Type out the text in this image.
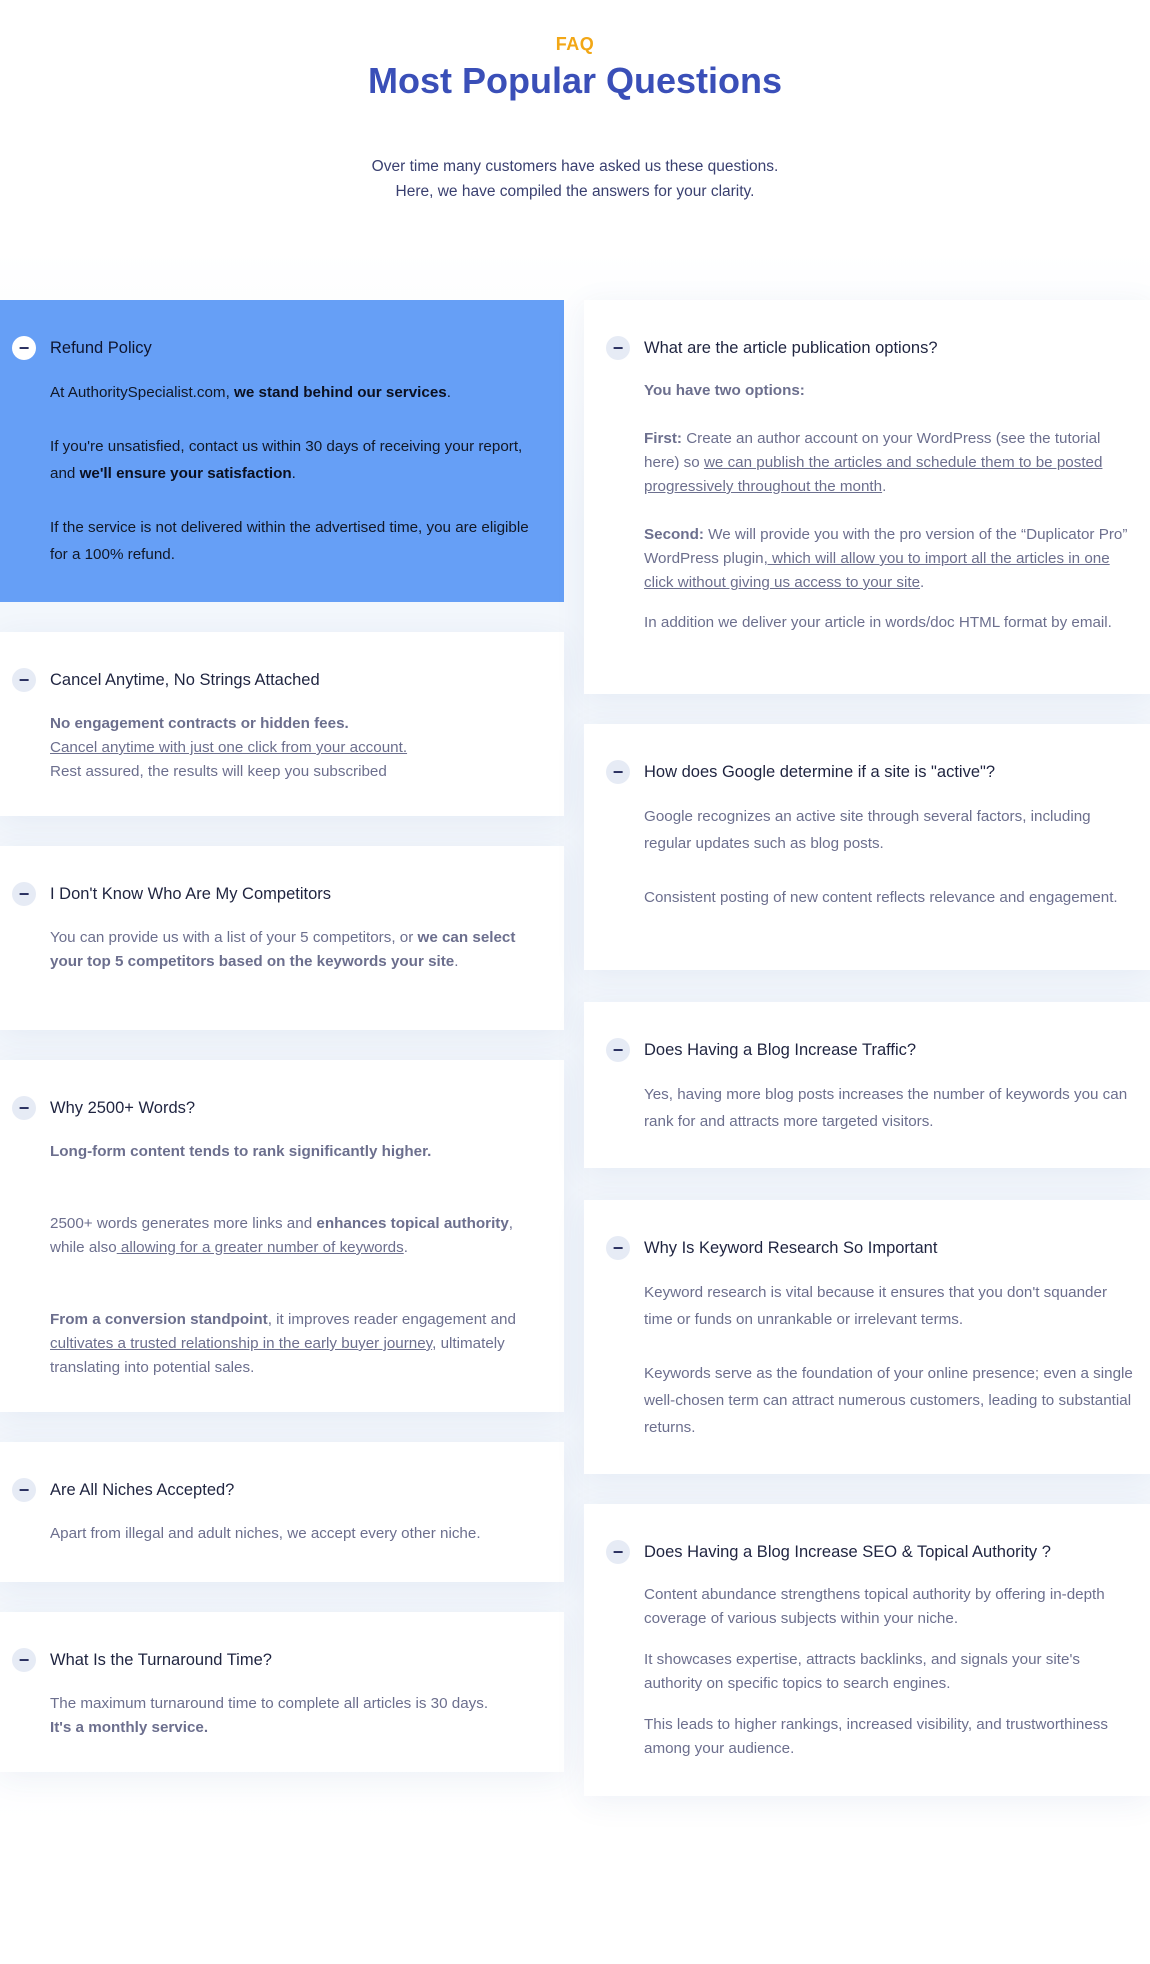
FAQ
Most Popular Questions
Over time many customers have asked us these questions.
Here, we have compiled the answers for your clarity.
−	Refund Policy

At AuthoritySpecialist.com, we stand behind our services.

If you're unsatisfied, contact us within 30 days of receiving your report, and we'll ensure your satisfaction.

If the service is not delivered within the advertised time, you are eligible for a 100% refund.

−	Cancel Anytime, No Strings Attached

No engagement contracts or hidden fees.

Cancel anytime with just one click from your account.

Rest assured, the results will keep you subscribed

−	I Don't Know Who Are My Competitors

You can provide us with a list of your 5 competitors, or we can select your top 5 competitors based on the keywords your site.

−	Why 2500+ Words?

Long-form content tends to rank significantly higher.

2500+ words generates more links and enhances topical authority, while also allowing for a greater number of keywords.

From a conversion standpoint, it improves reader engagement and cultivates a trusted relationship in the early buyer journey, ultimately translating into potential sales.

−	Are All Niches Accepted?

Apart from illegal and adult niches, we accept every other niche.

−	What Is the Turnaround Time?

The maximum turnaround time to complete all articles is 30 days.

It's a monthly service.

−	What are the article publication options?

You have two options:

First: Create an author account on your WordPress (see the tutorial here) so we can publish the articles and schedule them to be posted progressively throughout the month.

Second: We will provide you with the pro version of the “Duplicator Pro” WordPress plugin, which will allow you to import all the articles in one click without giving us access to your site.

In addition we deliver your article in words/doc HTML format by email.

−	How does Google determine if a site is "active"?

Google recognizes an active site through several factors, including regular updates such as blog posts.

Consistent posting of new content reflects relevance and engagement.

−	Does Having a Blog Increase Traffic?

Yes, having more blog posts increases the number of keywords you can rank for and attracts more targeted visitors.

−	Why Is Keyword Research So Important

Keyword research is vital because it ensures that you don't squander time or funds on unrankable or irrelevant terms.

Keywords serve as the foundation of your online presence; even a single well-chosen term can attract numerous customers, leading to substantial returns.

−	Does Having a Blog Increase SEO & Topical Authority ?

Content abundance strengthens topical authority by offering in-depth coverage of various subjects within your niche.

It showcases expertise, attracts backlinks, and signals your site's authority on specific topics to search engines.

This leads to higher rankings, increased visibility, and trustworthiness among your audience.
